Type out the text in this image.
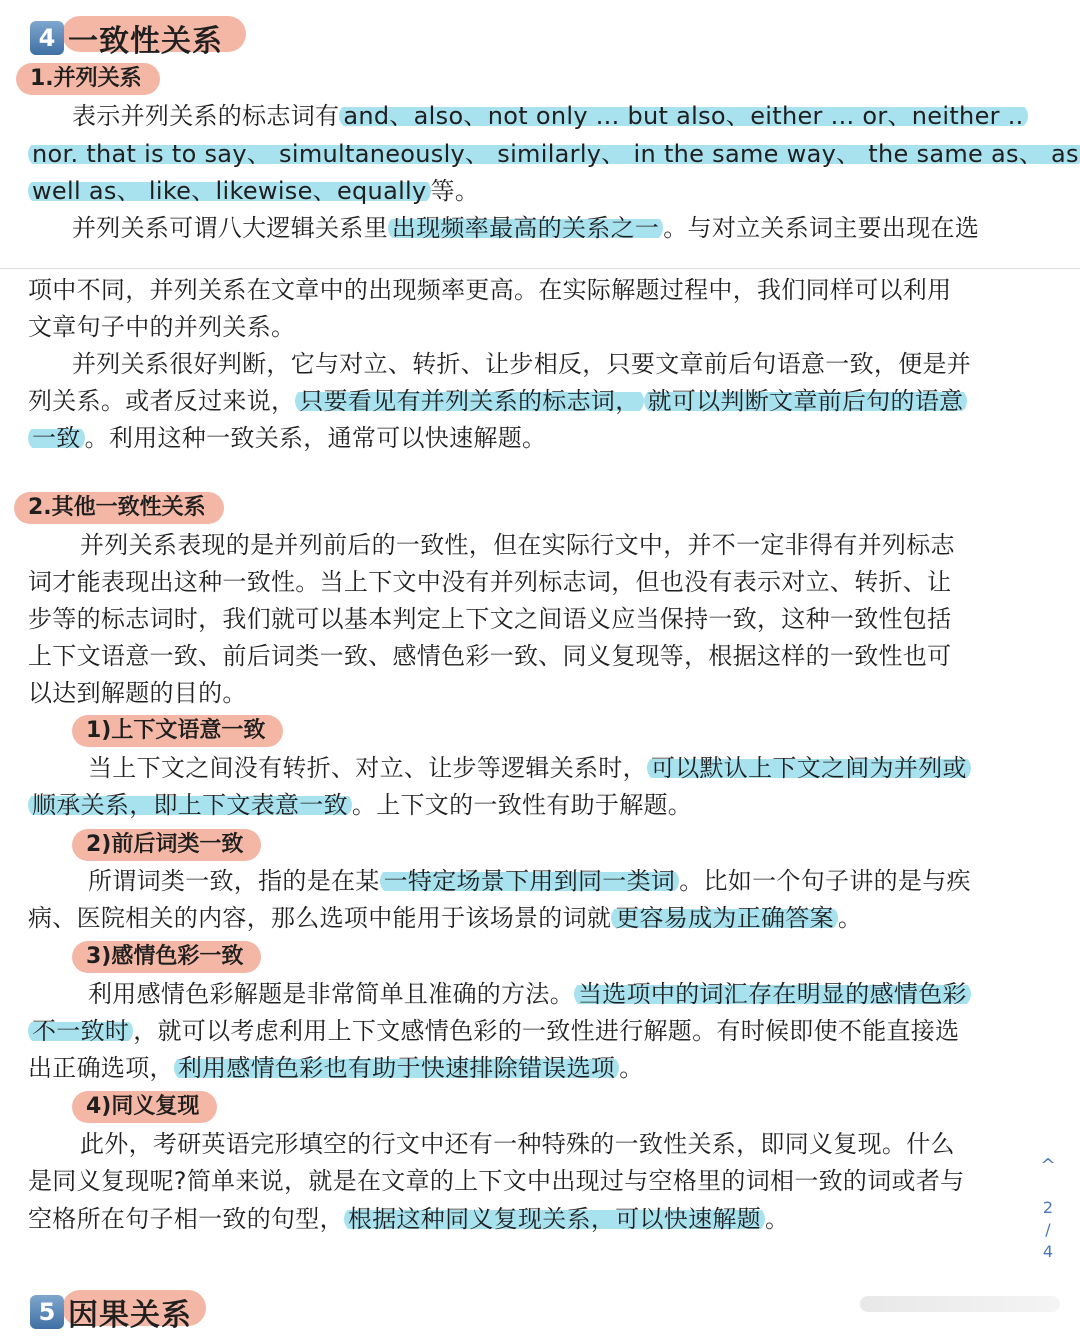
4 一致性关系
1.并列关系
表示并列关系的标志词有 and、also、not only ... but also、either ... or、neither ..
nor. that is to say、 simultaneously、 similarly、 in the same way、 the same as、 as
well as、 like、likewise、equally 等。
并列关系可谓八大逻辑关系里 出现频率最高的关系之一 。与对立关系词主要出现在选
项中不同，并列关系在文章中的出现频率更高。在实际解题过程中，我们同样可以利用
文章句子中的并列关系。
并列关系很好判断，它与对立、转折、让步相反，只要文章前后句语意一致，便是并
列关系。或者反过来说， 只要看见有并列关系的标志词， 就可以判断文章前后句的语意
一致 。利用这种一致关系，通常可以快速解题。
2.其他一致性关系
并列关系表现的是并列前后的一致性，但在实际行文中，并不一定非得有并列标志
词才能表现出这种一致性。当上下文中没有并列标志词，但也没有表示对立、转折、让
步等的标志词时，我们就可以基本判定上下文之间语义应当保持一致，这种一致性包括
上下文语意一致、前后词类一致、感情色彩一致、同义复现等，根据这样的一致性也可
以达到解题的目的。
1)上下文语意一致
当上下文之间没有转折、对立、让步等逻辑关系时， 可以默认上下文之间为并列或
顺承关系，即上下文表意一致 。上下文的一致性有助于解题。
2)前后词类一致
所谓词类一致，指的是在某 一特定场景下用到同一类词 。比如一个句子讲的是与疾
病、医院相关的内容，那么选项中能用于该场景的词就 更容易成为正确答案 。
3)感情色彩一致
利用感情色彩解题是非常简单且准确的方法。 当选项中的词汇存在明显的感情色彩
不一致时 ，就可以考虑利用上下文感情色彩的一致性进行解题。有时候即使不能直接选
出正确选项， 利用感情色彩也有助于快速排除错误选项 。
4)同义复现
此外，考研英语完形填空的行文中还有一种特殊的一致性关系，即同义复现。什么
是同义复现呢?简单来说，就是在文章的上下文中出现过与空格里的词相一致的词或者与
空格所在句子相一致的句型， 根据这种同义复现关系，可以快速解题 。
^
2
/
4
5 因果关系
